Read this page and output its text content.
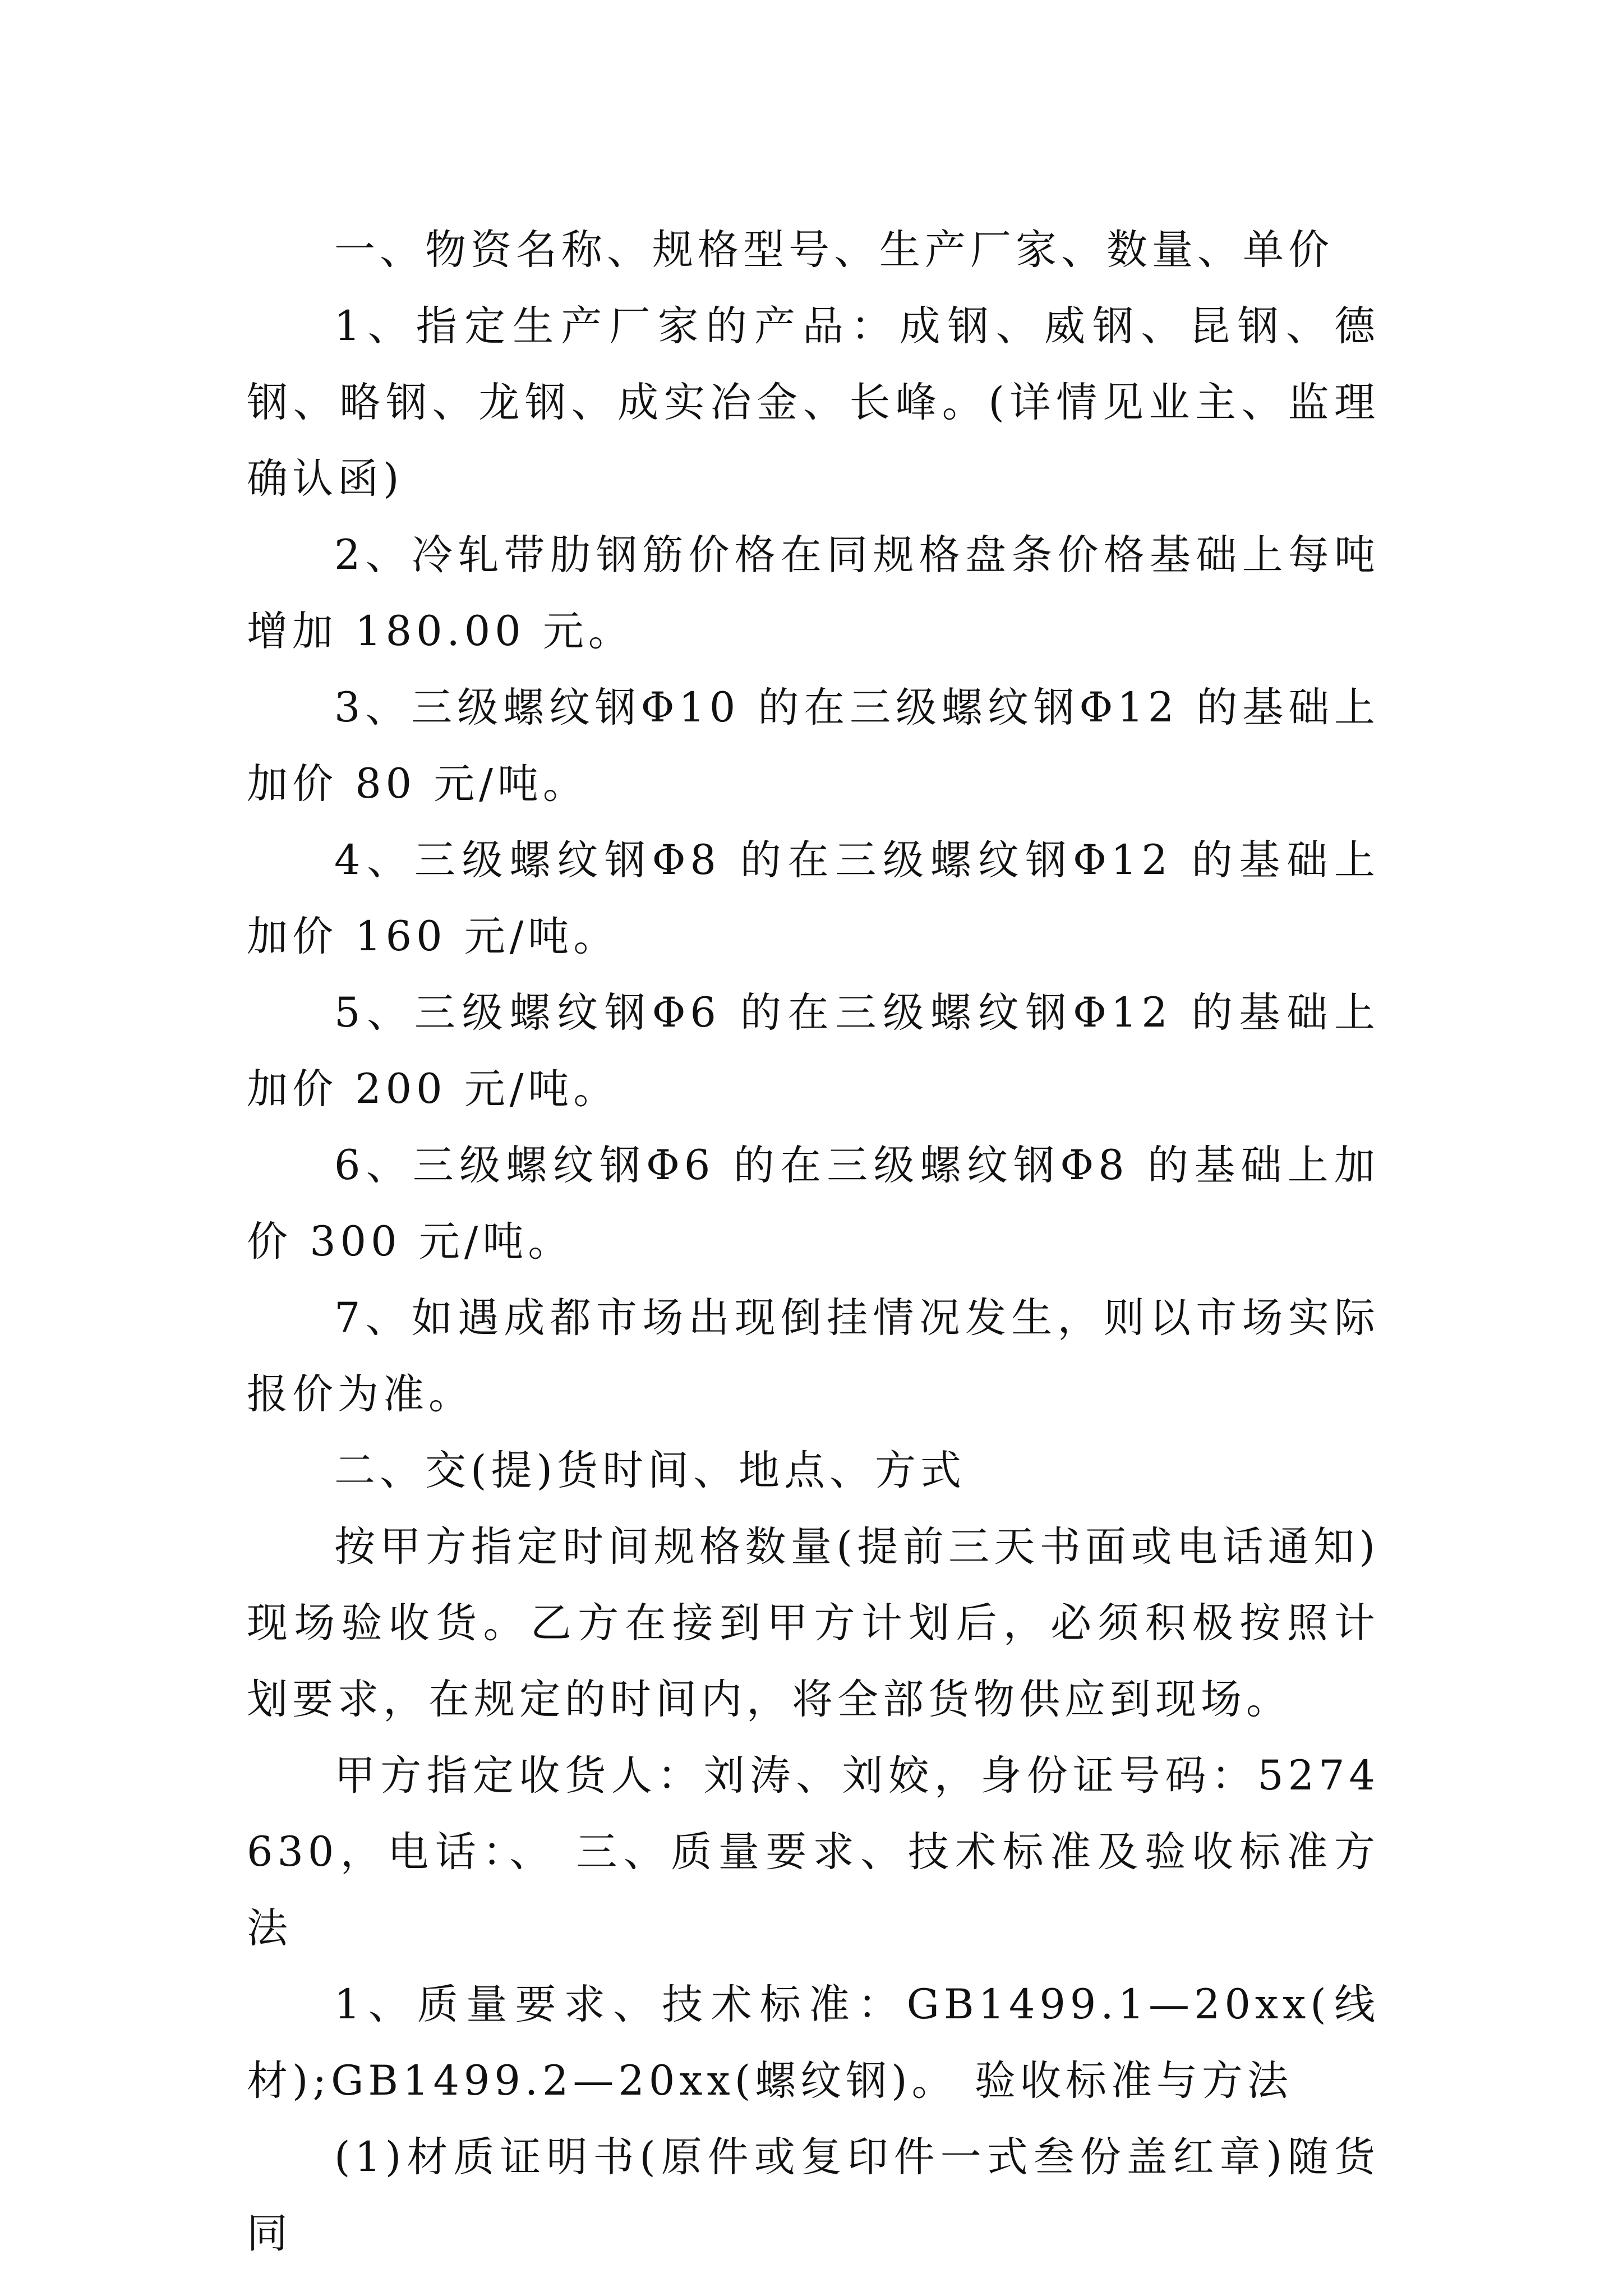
一、物资名称、规格型号、生产厂家、数量、单价

1、指定生产厂家的产品：成钢、威钢、昆钢、德钢、略钢、龙钢、成实冶金、长峰。(详情见业主、监理确认函)

2、冷轧带肋钢筋价格在同规格盘条价格基础上每吨增加 180.00 元。

3、三级螺纹钢Φ10 的在三级螺纹钢Φ12 的基础上加价 80 元/吨。

4、三级螺纹钢Φ8 的在三级螺纹钢Φ12 的基础上加价 160 元/吨。

5、三级螺纹钢Φ6 的在三级螺纹钢Φ12 的基础上加价 200 元/吨。

6、三级螺纹钢Φ6 的在三级螺纹钢Φ8 的基础上加价 300 元/吨。

7、如遇成都市场出现倒挂情况发生，则以市场实际报价为准。

二、交(提)货时间、地点、方式

按甲方指定时间规格数量(提前三天书面或电话通知)现场验收货。乙方在接到甲方计划后，必须积极按照计划要求，在规定的时间内，将全部货物供应到现场。

甲方指定收货人：刘涛、刘姣，身份证号码：5274630，电话：、 三、质量要求、技术标准及验收标准方法

1、质量要求、技术标准：GB1499.1—20xx(线材);GB1499.2—20xx(螺纹钢)。 验收标准与方法

(1)材质证明书(原件或复印件一式叁份盖红章)随货同
